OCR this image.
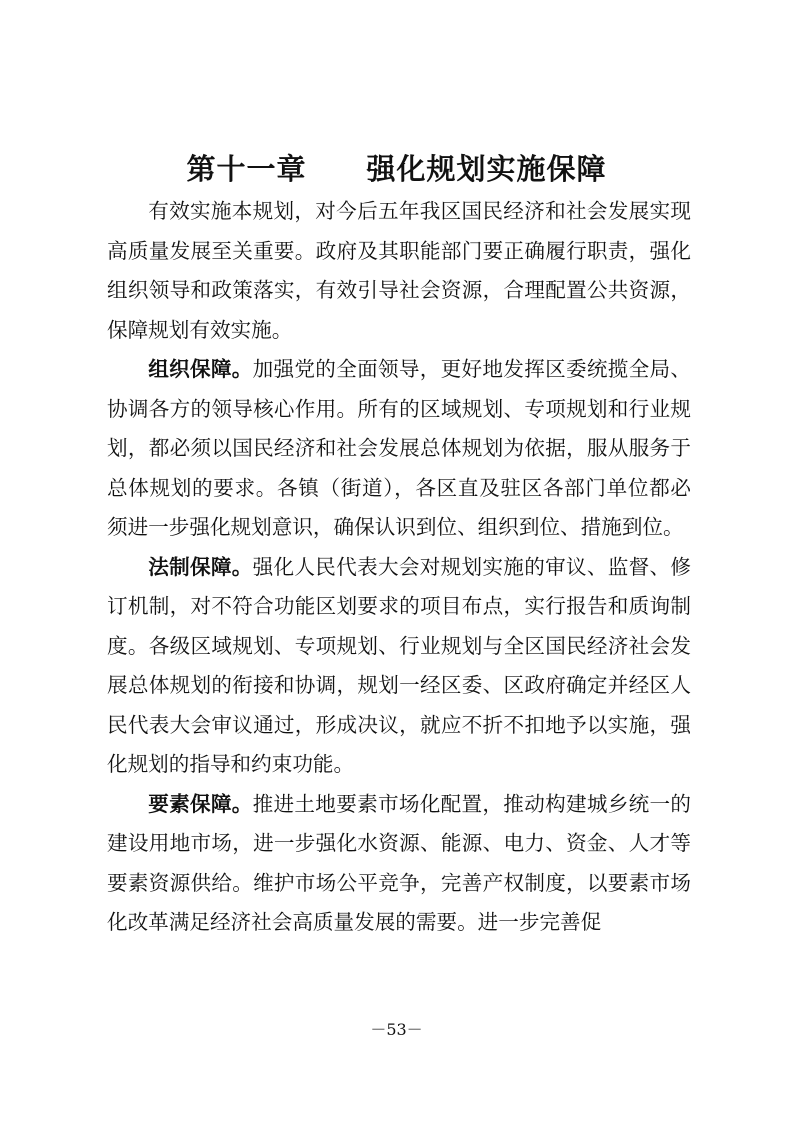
第十一章　　强化规划实施保障

有效实施本规划，对今后五年我区国民经济和社会发展实现高质量发展至关重要。政府及其职能部门要正确履行职责，强化组织领导和政策落实，有效引导社会资源，合理配置公共资源，保障规划有效实施。

组织保障。加强党的全面领导，更好地发挥区委统揽全局、协调各方的领导核心作用。所有的区域规划、专项规划和行业规划，都必须以国民经济和社会发展总体规划为依据，服从服务于总体规划的要求。各镇（街道），各区直及驻区各部门单位都必须进一步强化规划意识，确保认识到位、组织到位、措施到位。

法制保障。强化人民代表大会对规划实施的审议、监督、修订机制，对不符合功能区划要求的项目布点，实行报告和质询制度。各级区域规划、专项规划、行业规划与全区国民经济社会发展总体规划的衔接和协调，规划一经区委、区政府确定并经区人民代表大会审议通过，形成决议，就应不折不扣地予以实施，强化规划的指导和约束功能。

要素保障。推进土地要素市场化配置，推动构建城乡统一的建设用地市场，进一步强化水资源、能源、电力、资金、人才等要素资源供给。维护市场公平竞争，完善产权制度，以要素市场化改革满足经济社会高质量发展的需要。进一步完善促

－53－
